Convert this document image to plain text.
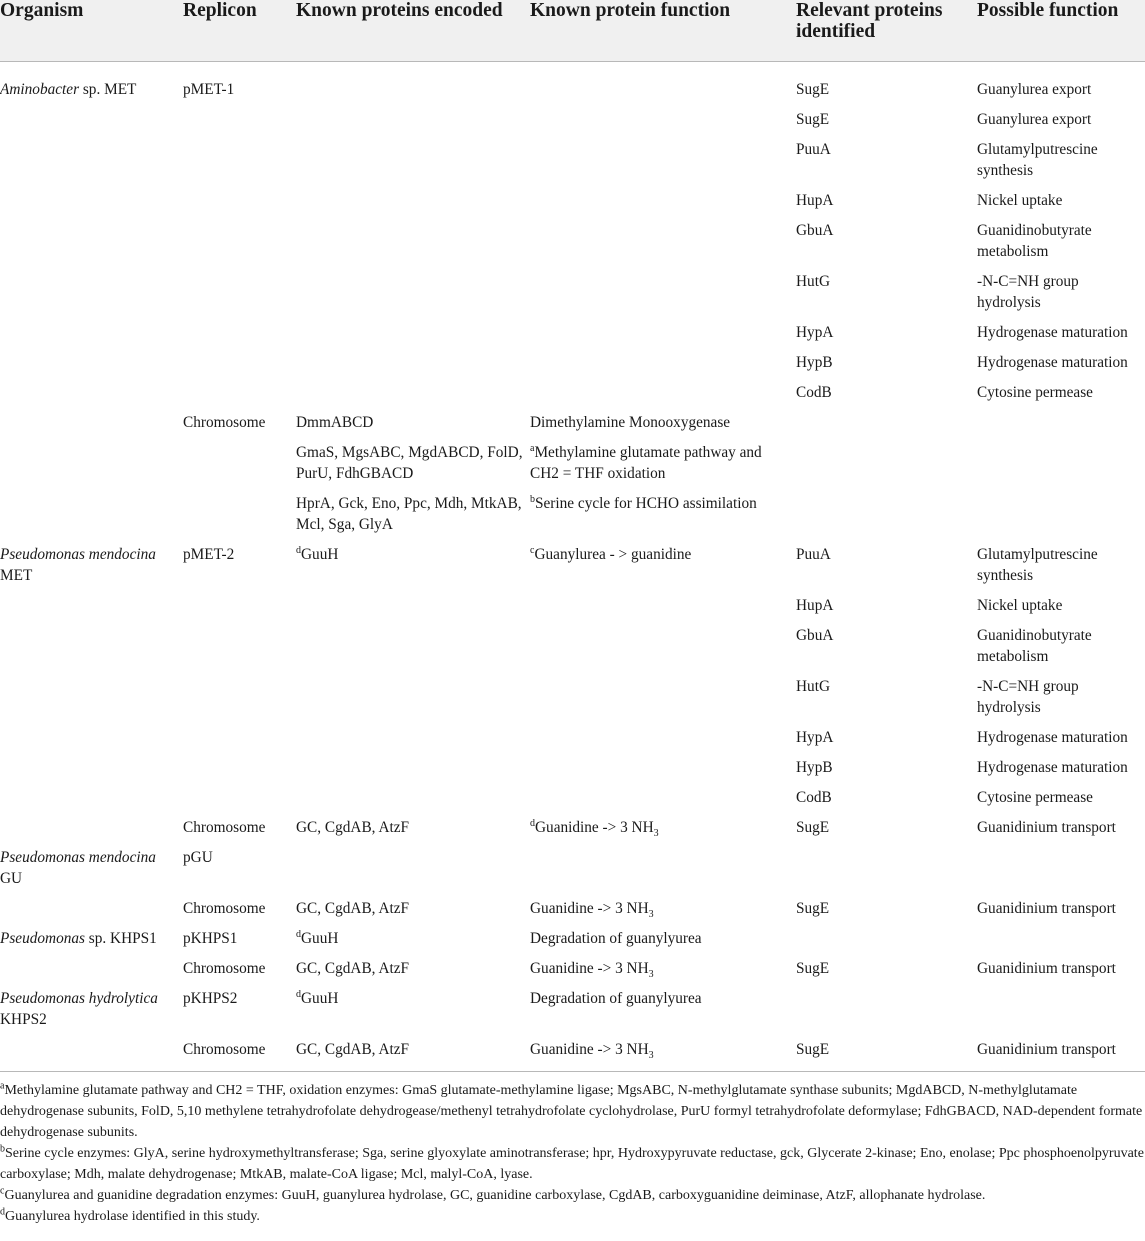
Organism	Replicon	Known proteins encoded	Known protein function	Relevant proteins identified	Possible function
Aminobacter sp. MET	pMET-1			SugE	Guanylurea export
				SugE	Guanylurea export
				PuuA	Glutamylputrescine synthesis
				HupA	Nickel uptake
				GbuA	Guanidinobutyrate metabolism
				HutG	-N-C=NH group hydrolysis
				HypA	Hydrogenase maturation
				HypB	Hydrogenase maturation
				CodB	Cytosine permease
	Chromosome	DmmABCD	Dimethylamine Monooxygenase		
		GmaS, MgsABC, MgdABCD, FolD, PurU, FdhGBACD	$^a$Methylamine glutamate pathway and CH2 = THF oxidation		
		HprA, Gck, Eno, Ppc, Mdh, MtkAB, Mcl, Sga, GlyA	$^b$Serine cycle for HCHO assimilation		
Pseudomonas mendocina MET	pMET-2	$^d$GuuH	$^c$Guanylurea - > guanidine	PuuA	Glutamylputrescine synthesis
				HupA	Nickel uptake
				GbuA	Guanidinobutyrate metabolism
				HutG	-N-C=NH group hydrolysis
				HypA	Hydrogenase maturation
				HypB	Hydrogenase maturation
				CodB	Cytosine permease
	Chromosome	GC, CgdAB, AtzF	$^d$Guanidine -> 3 $NH_3$	SugE	Guanidinium transport
Pseudomonas mendocina GU	pGU				
	Chromosome	GC, CgdAB, AtzF	Guanidine -> 3 $NH_3$	SugE	Guanidinium transport
Pseudomonas sp. KHPS1	pKHPS1	$^d$GuuH	Degradation of guanylyurea		
	Chromosome	GC, CgdAB, AtzF	Guanidine -> 3 $NH_3$	SugE	Guanidinium transport
Pseudomonas hydrolytica KHPS2	pKHPS2	$^d$GuuH	Degradation of guanylyurea		
	Chromosome	GC, CgdAB, AtzF	Guanidine -> 3 $NH_3$	SugE	Guanidinium transport

$^a$Methylamine glutamate pathway and CH2 = THF, oxidation enzymes: GmaS glutamate-methylamine ligase; MgsABC, N-methylglutamate synthase subunits; MgdABCD, N-methylglutamate dehydrogenase subunits, FolD, 5,10 methylene tetrahydrofolate dehydrogease/methenyl tetrahydrofolate cyclohydrolase, PurU formyl tetrahydrofolate deformylase; FdhGBACD, NAD-dependent formate dehydrogenase subunits.

$^b$Serine cycle enzymes: GlyA, serine hydroxymethyltransferase; Sga, serine glyoxylate aminotransferase; hpr, Hydroxypyruvate reductase, gck, Glycerate 2-kinase; Eno, enolase; Ppc phosphoenolpyruvate carboxylase; Mdh, malate dehydrogenase; MtkAB, malate-CoA ligase; Mcl, malyl-CoA, lyase.

$^c$Guanylurea and guanidine degradation enzymes: GuuH, guanylurea hydrolase, GC, guanidine carboxylase, CgdAB, carboxyguanidine deiminase, AtzF, allophanate hydrolase.

$^d$Guanylurea hydrolase identified in this study.
